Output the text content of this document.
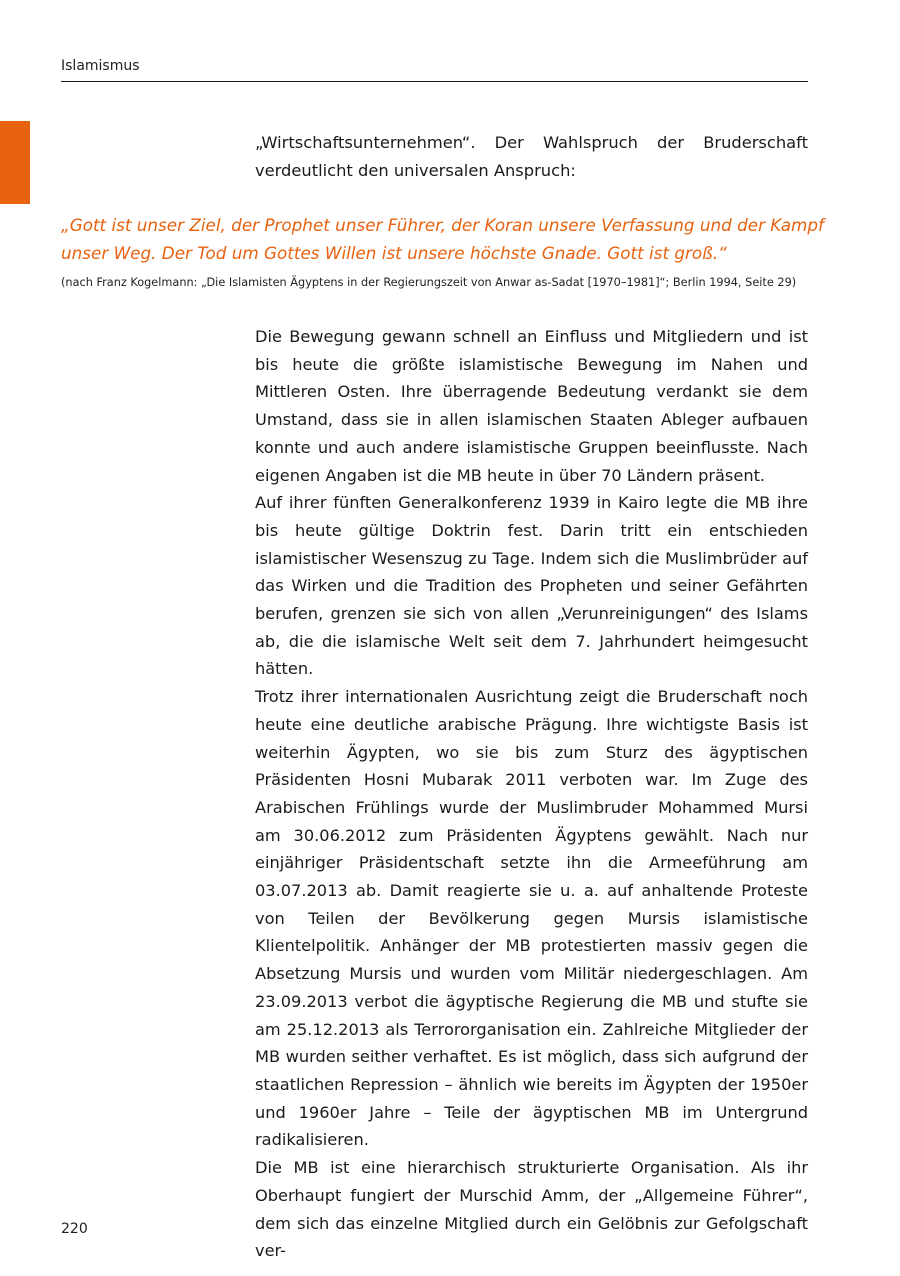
Islamismus

„Wirtschaftsunternehmen“. Der Wahlspruch der Bruderschaft verdeutlicht den universalen Anspruch:

„Gott ist unser Ziel, der Prophet unser Führer, der Koran unsere Verfassung und der Kampf
unser Weg. Der Tod um Gottes Willen ist unsere höchste Gnade. Gott ist groß.“

(nach Franz Kogelmann: „Die Islamisten Ägyptens in der Regierungszeit von Anwar as-Sadat [1970–1981]“; Berlin 1994, Seite 29)

Die Bewegung gewann schnell an Einfluss und Mitgliedern und ist bis heute die größte islamistische Bewegung im Nahen und Mittleren Osten. Ihre überragende Bedeutung verdankt sie dem Umstand, dass sie in allen islamischen Staaten Ableger aufbauen konnte und auch andere islamistische Gruppen beeinflusste. Nach eigenen Angaben ist die MB heute in über 70 Ländern präsent.

Auf ihrer fünften Generalkonferenz 1939 in Kairo legte die MB ihre bis heute gültige Doktrin fest. Darin tritt ein entschieden islamistischer Wesenszug zu Tage. Indem sich die Muslimbrüder auf das Wirken und die Tradition des Propheten und seiner Gefährten berufen, grenzen sie sich von allen „Verunreinigungen“ des Islams ab, die die islamische Welt seit dem 7. Jahrhundert heimgesucht hätten.

Trotz ihrer internationalen Ausrichtung zeigt die Bruderschaft noch heute eine deutliche arabische Prägung. Ihre wichtigste Basis ist weiterhin Ägypten, wo sie bis zum Sturz des ägyptischen Präsidenten Hosni Mubarak 2011 verboten war. Im Zuge des Arabischen Frühlings wurde der Muslimbruder Mohammed Mursi am 30.06.2012 zum Präsidenten Ägyptens gewählt. Nach nur einjähriger Präsidentschaft setzte ihn die Armeeführung am 03.07.2013 ab. Damit reagierte sie u. a. auf anhaltende Proteste von Teilen der Bevölkerung gegen Mursis islamistische Klientelpolitik. Anhänger der MB protestierten massiv gegen die Absetzung Mursis und wurden vom Militär niedergeschlagen. Am 23.09.2013 verbot die ägyptische Regierung die MB und stufte sie am 25.12.2013 als Terrororganisation ein. Zahlreiche Mitglieder der MB wurden seither verhaftet. Es ist möglich, dass sich aufgrund der staatlichen Repression – ähnlich wie bereits im Ägypten der 1950er und 1960er Jahre – Teile der ägyptischen MB im Untergrund radikalisieren.

Die MB ist eine hierarchisch strukturierte Organisation. Als ihr Oberhaupt fungiert der Murschid Amm, der „Allgemeine Führer“, dem sich das einzelne Mitglied durch ein Gelöbnis zur Gefolgschaft ver-

220
